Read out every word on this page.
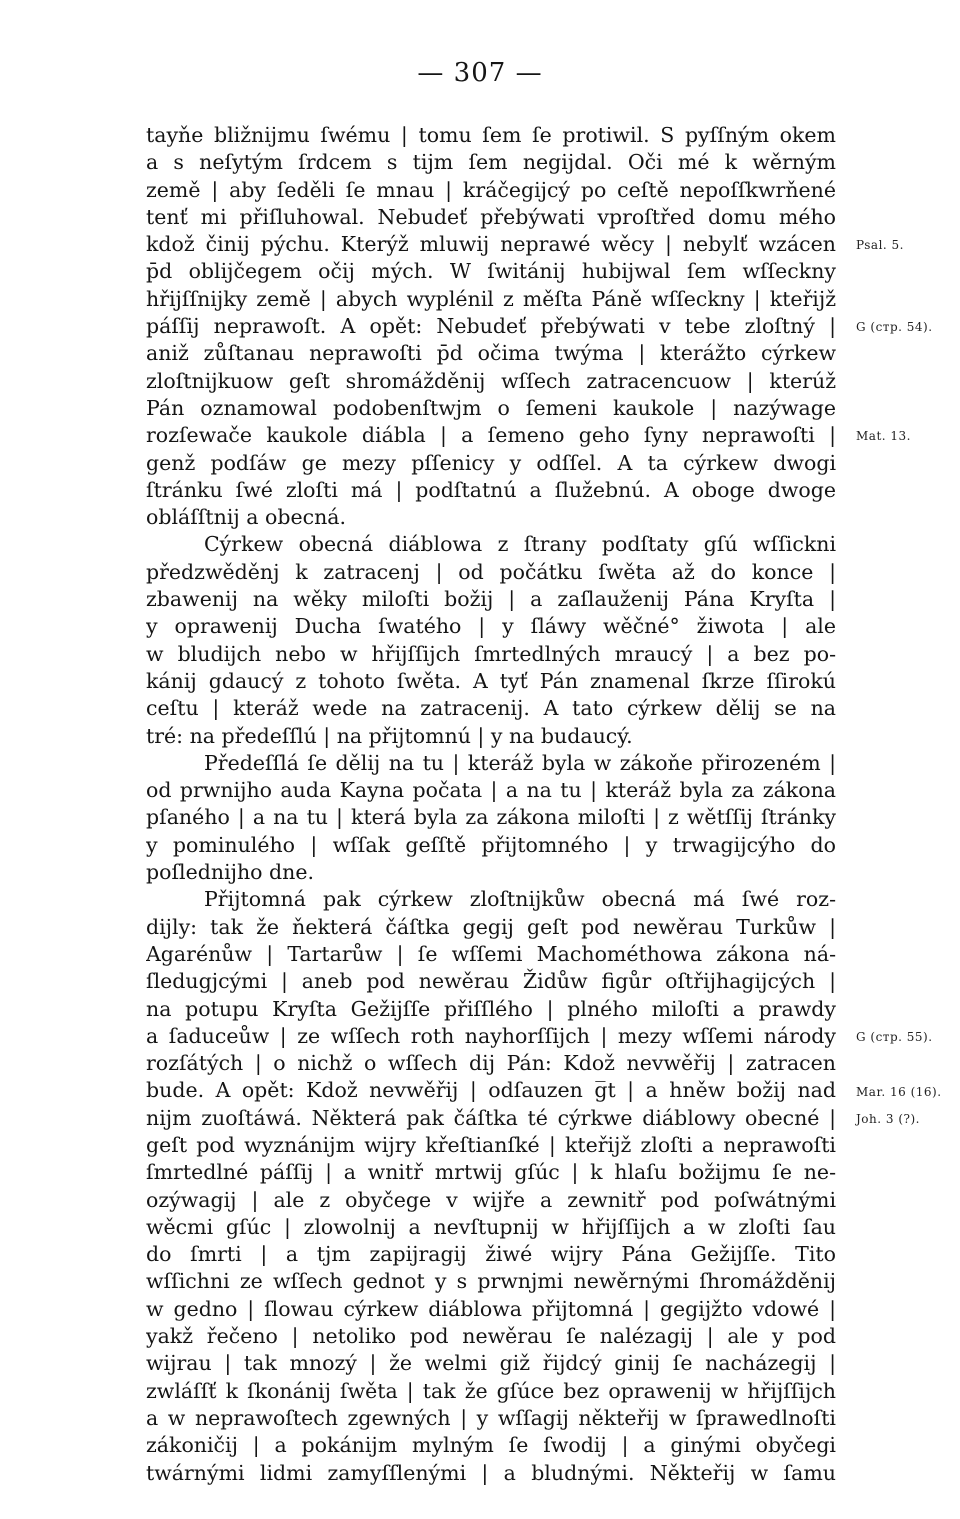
— 307 —
tayňe bližnijmu ſwému | tomu ſem ſe protiwil. S pyſſným okem
a s neſytým ſrdcem s tijm ſem negijdal. Oči mé k wěrným
země | aby ſeděli ſe mnau | kráčegijcý po ceſtě nepoſſkwrňené
tenť mi přiſluhowal. Nebudeť přebýwati vproſtřed domu mého
kdož činij pýchu. Kterýž mluwij neprawé wěcy | nebylť wzácen
p̄d oblijčegem očij mých. W ſwitánij hubijwal ſem wſſeckny
hřijſſnijky země | abych wyplénil z měſta Páně wſſeckny | kteřijž
páſſij neprawoſt. A opět: Nebudeť přebýwati v tebe zloſtný |
aniž zůſtanau neprawoſti p̄d očima twýma | kterážto cýrkew
zloſtnijkuow geſt shromážděnij wſſech zatracencuow | kterúž
Pán oznamowal podobenſtwjm o ſemeni kaukole | nazýwage
rozſewače kaukole diábla | a ſemeno geho ſyny neprawoſti |
genž podſáw ge mezy pſſenicy y odſſel. A ta cýrkew dwogi
ſtránku ſwé zloſti má | podſtatnú a ſlužebnú. A oboge dwoge
obláſſtnij a obecná.
Cýrkew obecná diáblowa z ſtrany podſtaty gſú wſſickni
předzwěděnj k zatracenj | od počátku ſwěta až do konce |
zbawenij na wěky miloſti božij | a zaſlauženij Pána Kryſta |
y oprawenij Ducha ſwatého | y ſláwy wěčné° žiwota | ale
w bludijch nebo w hřijſſijch ſmrtedlných mraucý | a bez po-
kánij gdaucý z tohoto ſwěta. A tyť Pán znamenal ſkrze ſſirokú
ceſtu | kteráž wede na zatracenij. A tato cýrkew dělij se na
tré: na předeſſlú | na přijtomnú | y na budaucý.
Předeſſlá ſe dělij na tu | kteráž byla w zákoňe přirozeném |
od prwnijho auda Kayna počata | a na tu | kteráž byla za zákona
pſaného | a na tu | která byla za zákona miloſti | z wětſſij ſtránky
y pominulého | wſſak geſſtě přijtomného | y trwagijcýho do
poſlednijho dne.
Přijtomná pak cýrkew zloſtnijkůw obecná má ſwé roz-
dijly: tak že ňekterá čáſtka gegij geſt pod newěrau Turkůw |
Agarénůw | Tartarůw | ſe wſſemi Machométhowa zákona ná-
ſledugjcými | aneb pod newěrau Židůw figůr oſtřijhagijcých |
na potupu Kryſta Gežijſſe přiſſlého | plného miloſti a prawdy
a ſaduceůw | ze wſſech roth nayhorſſijch | mezy wſſemi národy
rozſátých | o nichž o wſſech dij Pán: Kdož nevwěřij | zatracen
bude. A opět: Kdož nevwěřij | odſauzen g̅t | a hněw božij nad
nijm zuoſtáwá. Některá pak čáſtka té cýrkwe diáblowy obecné |
geſt pod wyznánijm wijry křeſtianſké | kteřijž zloſti a neprawoſti
ſmrtedlné páſſij | a wnitř mrtwij gſúc | k hlaſu božijmu ſe ne-
ozýwagij | ale z obyčege v wijře a zewnitř pod poſwátnými
wěcmi gſúc | zlowolnij a nevſtupnij w hřijſſijch a w zloſti ſau
do ſmrti | a tjm zapijragij žiwé wijry Pána Gežijſſe. Tito
wſſichni ze wſſech gednot y s prwnjmi newěrnými ſhromážděnij
w gedno | ſlowau cýrkew diáblowa přijtomná | gegijžto vdowé |
yakž řečeno | netoliko pod newěrau ſe nalézagij | ale y pod
wijrau | tak mnozý | že welmi giž řijdcý ginij ſe nacházegij |
zwláſſť k ſkonánij ſwěta | tak že gſúce bez oprawenij w hřijſſijch
a w neprawoſtech zgewných | y wſſagij někteřij w ſprawedlnoſti
zákoničij | a pokánijm mylným ſe ſwodij | a ginými obyčegi
twárnými lidmi zamyſſlenými | a bludnými. Někteřij w ſamu
Psal. 5.
G (стр. 54).
Mat. 13.
G (стр. 55).
Mar. 16 (16).
Joh. 3 (?).
